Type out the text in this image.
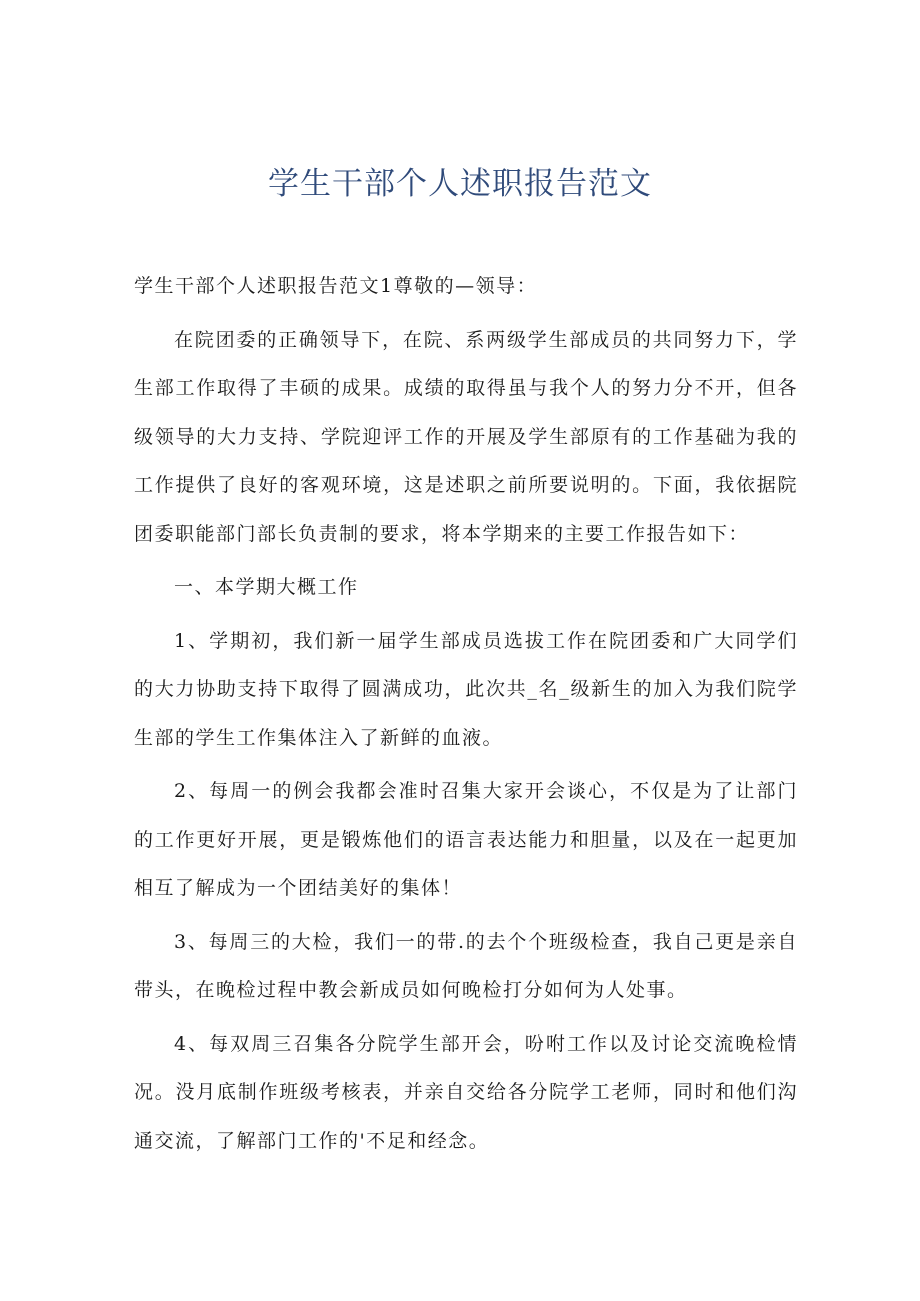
学生干部个人述职报告范文

学生干部个人述职报告范文1尊敬的—领导：

在院团委的正确领导下，在院、系两级学生部成员的共同努力下，学生部工作取得了丰硕的成果。成绩的取得虽与我个人的努力分不开，但各级领导的大力支持、学院迎评工作的开展及学生部原有的工作基础为我的工作提供了良好的客观环境，这是述职之前所要说明的。下面，我依据院团委职能部门部长负责制的要求，将本学期来的主要工作报告如下：

一、本学期大概工作

1、学期初，我们新一届学生部成员选拔工作在院团委和广大同学们的大力协助支持下取得了圆满成功，此次共_名_级新生的加入为我们院学生部的学生工作集体注入了新鲜的血液。

2、每周一的例会我都会准时召集大家开会谈心，不仅是为了让部门的工作更好开展，更是锻炼他们的语言表达能力和胆量，以及在一起更加相互了解成为一个团结美好的集体！

3、每周三的大检，我们一的带.的去个个班级检查，我自己更是亲自带头，在晚检过程中教会新成员如何晚检打分如何为人处事。

4、每双周三召集各分院学生部开会，吩咐工作以及讨论交流晚检情况。没月底制作班级考核表，并亲自交给各分院学工老师，同时和他们沟通交流，了解部门工作的'不足和经念。
